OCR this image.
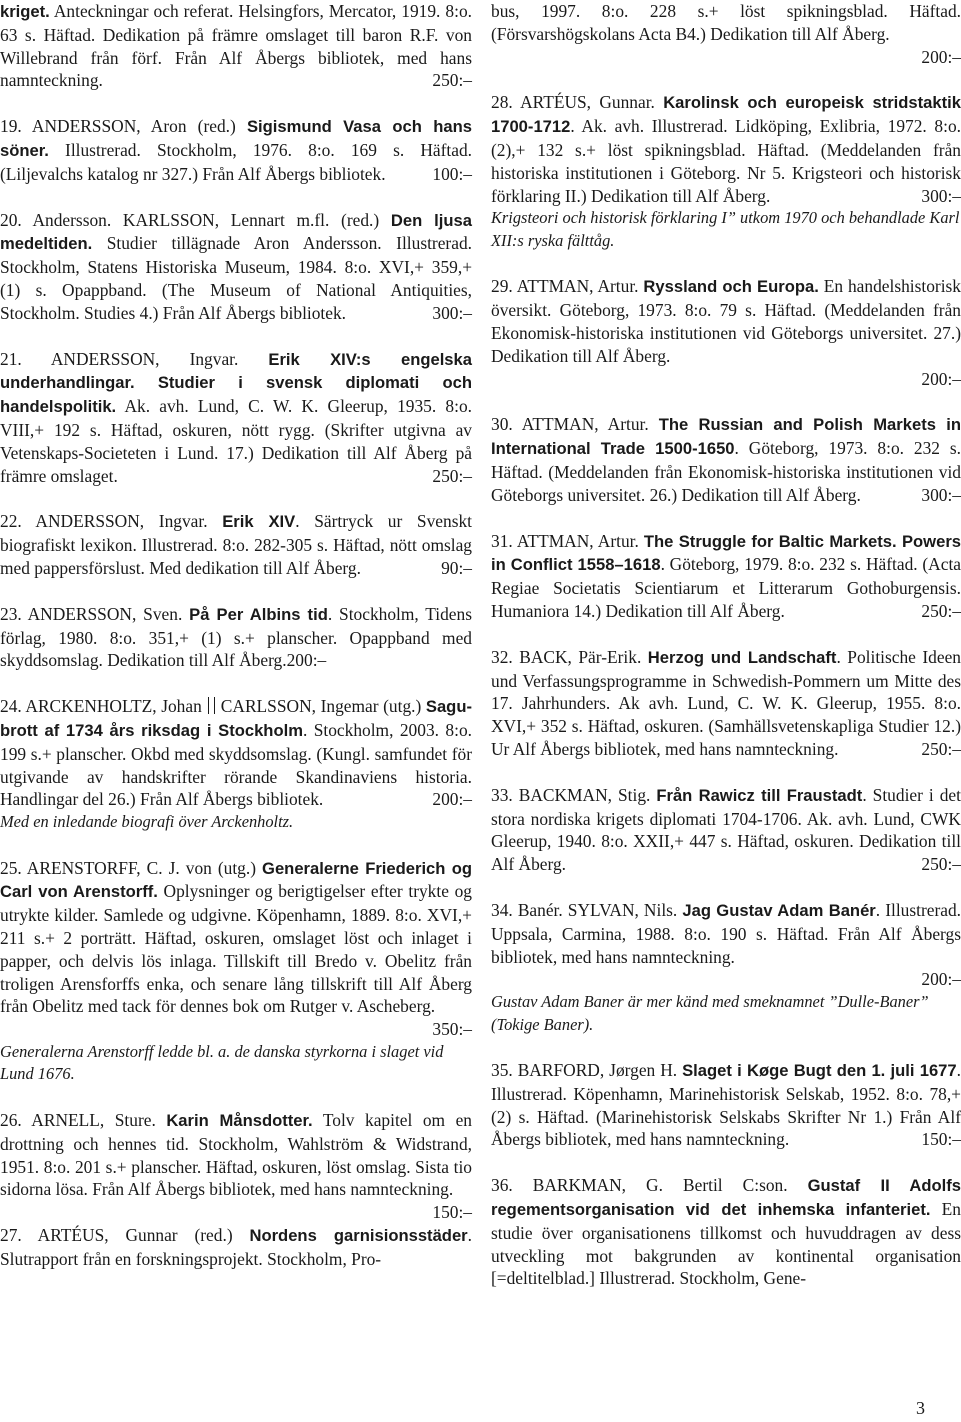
kriget. Anteckningar och referat. Helsingfors, Mercator, 1919. 8:o. 63 s. Häftad. Dedikation på främre omslaget till baron R.F. von Willebrand från förf. Från Alf Åbergs bibliotek, med hans namnteckning.	250:–

19. ANDERSSON, Aron (red.) Sigismund Vasa och hans söner. Illustrerad. Stockholm, 1976. 8:o. 169 s. Häftad. (Liljevalchs katalog nr 327.) Från Alf Åbergs bibliotek.	100:–

20. Andersson. KARLSSON, Lennart m.fl. (red.) Den ljusa medeltiden. Studier tillägnade Aron Andersson. Illustrerad. Stockholm, Statens Historiska Museum, 1984. 8:o. XVI,+ 359,+ (1) s. Opappband. (The Museum of National Antiquities, Stockholm. Studies 4.) Från Alf Åbergs bibliotek.	300:–

21. ANDERSSON, Ingvar. Erik XIV:s engelska underhandlingar. Studier i svensk diplomati och handelspolitik. Ak. avh. Lund, C. W. K. Gleerup, 1935. 8:o. VIII,+ 192 s. Häftad, oskuren, nött rygg. (Skrifter utgivna av Vetenskaps-Societeten i Lund. 17.) Dedikation till Alf Åberg på främre omslaget.	250:–

22. ANDERSSON, Ingvar. Erik XIV. Särtryck ur Svenskt biografiskt lexikon. Illustrerad. 8:o. 282-305 s. Häftad, nött omslag med pappersförslust. Med dedikation till Alf Åberg.	90:–

23. ANDERSSON, Sven. På Per Albins tid. Stockholm, Tidens förlag, 1980. 8:o. 351,+ (1) s.+ planscher. Opappband med skyddsomslag. Dedikation till Alf Åberg.200:–

24. ARCKENHOLTZ, Johan CARLSSON, Ingemar (utg.) Sagu-brott af 1734 års riksdag i Stockholm. Stockholm, 2003. 8:o. 199 s.+ planscher. Okbd med skyddsomslag. (Kungl. samfundet för utgivande av handskrifter rörande Skandinaviens historia. Handlingar del 26.) Från Alf Åbergs bibliotek.	200:–

Med en inledande biografi över Arckenholtz.

25. ARENSTORFF, C. J. von (utg.) Generalerne Friederich og Carl von Arenstorff. Oplysninger og berigtigelser efter trykte og utrykte kilder. Samlede og udgivne. Köpenhamn, 1889. 8:o. XVI,+ 211 s.+ 2 porträtt. Häftad, oskuren, omslaget löst och inlaget i papper, och delvis lös inlaga. Tillskift till Bredo v. Obelitz från troligen Arensforffs enka, och senare lång tillskrift till Alf Åberg från Obelitz med tack för dennes bok om Rutger v. Ascheberg.

350:–

Generalerna Arenstorff ledde bl. a. de danska styrkorna i slaget vid Lund 1676.

26. ARNELL, Sture. Karin Månsdotter. Tolv kapitel om en drottning och hennes tid. Stockholm, Wahlström & Widstrand, 1951. 8:o. 201 s.+ planscher. Häftad, oskuren, löst omslag. Sista tio sidorna lösa. Från Alf Åbergs bibliotek, med hans namnteckning.
150:–

27. ARTÉUS, Gunnar (red.) Nordens garnisionsstäder. Slutrapport från en forskningsprojekt. Stockholm, Pro-

bus, 1997. 8:o. 228 s.+ löst spikningsblad. Häftad. (Försvarshögskolans Acta B4.) Dedikation till Alf Åberg.

200:–

28. ARTÉUS, Gunnar. Karolinsk och europeisk stridstaktik 1700-1712. Ak. avh. Illustrerad. Lidköping, Exlibria, 1972. 8:o. (2),+ 132 s.+ löst spikningsblad. Häftad. (Meddelanden från historiska institutionen i Göteborg. Nr 5. Krigsteori och historisk förklaring II.) Dedikation till Alf Åberg.	300:–

Krigsteori och historisk förklaring I” utkom 1970 och behandlade Karl XII:s ryska fälttåg.

29. ATTMAN, Artur. Ryssland och Europa. En handelshistorisk översikt. Göteborg, 1973. 8:o. 79 s. Häftad. (Meddelanden från Ekonomisk-historiska institutionen vid Göteborgs universitet. 27.) Dedikation till Alf Åberg.

200:–

30. ATTMAN, Artur. The Russian and Polish Markets in International Trade 1500-1650. Göteborg, 1973. 8:o. 232 s. Häftad. (Meddelanden från Ekonomisk-historiska institutionen vid Göteborgs universitet. 26.) Dedikation till Alf Åberg.	300:–

31. ATTMAN, Artur. The Struggle for Baltic Markets. Powers in Conflict 1558–1618. Göteborg, 1979. 8:o. 232 s. Häftad. (Acta Regiae Societatis Scientiarum et Litterarum Gothoburgensis. Humaniora 14.) Dedikation till Alf Åberg.	250:–

32. BACK, Pär-Erik. Herzog und Landschaft. Politische Ideen und Verfassungsprogramme in Schwedish-Pommern um Mitte des 17. Jahrhunders. Ak avh. Lund, C. W. K. Gleerup, 1955. 8:o. XVI,+ 352 s. Häftad, oskuren. (Samhällsvetenskapliga Studier 12.) Ur Alf Åbergs bibliotek, med hans namnteckning.	250:–

33. BACKMAN, Stig. Från Rawicz till Fraustadt. Studier i det stora nordiska krigets diplomati 1704-1706. Ak. avh. Lund, CWK Gleerup, 1940. 8:o. XXII,+ 447 s. Häftad, oskuren. Dedikation till Alf Åberg.	250:–

34. Banér. SYLVAN, Nils. Jag Gustav Adam Banér. Illustrerad. Uppsala, Carmina, 1988. 8:o. 190 s. Häftad. Från Alf Åbergs bibliotek, med hans namnteckning.

200:–

Gustav Adam Baner är mer känd med smeknamnet ”Dulle-Baner” (Tokige Baner).

35. BARFORD, Jørgen H. Slaget i Køge Bugt den 1. juli 1677. Illustrerad. Köpenhamn, Marinehistorisk Selskab, 1952. 8:o. 78,+ (2) s. Häftad. (Marinehistorisk Selskabs Skrifter Nr 1.) Från Alf Åbergs bibliotek, med hans namnteckning.	150:–

36. BARKMAN, G. Bertil C:son. Gustaf II Adolfs regementsorganisation vid det inhemska infanteriet. En studie över organisationens tillkomst och huvuddragen av dess utveckling mot bakgrunden av kontinental organisation [=deltitelblad.] Illustrerad. Stockholm, Gene-

3
